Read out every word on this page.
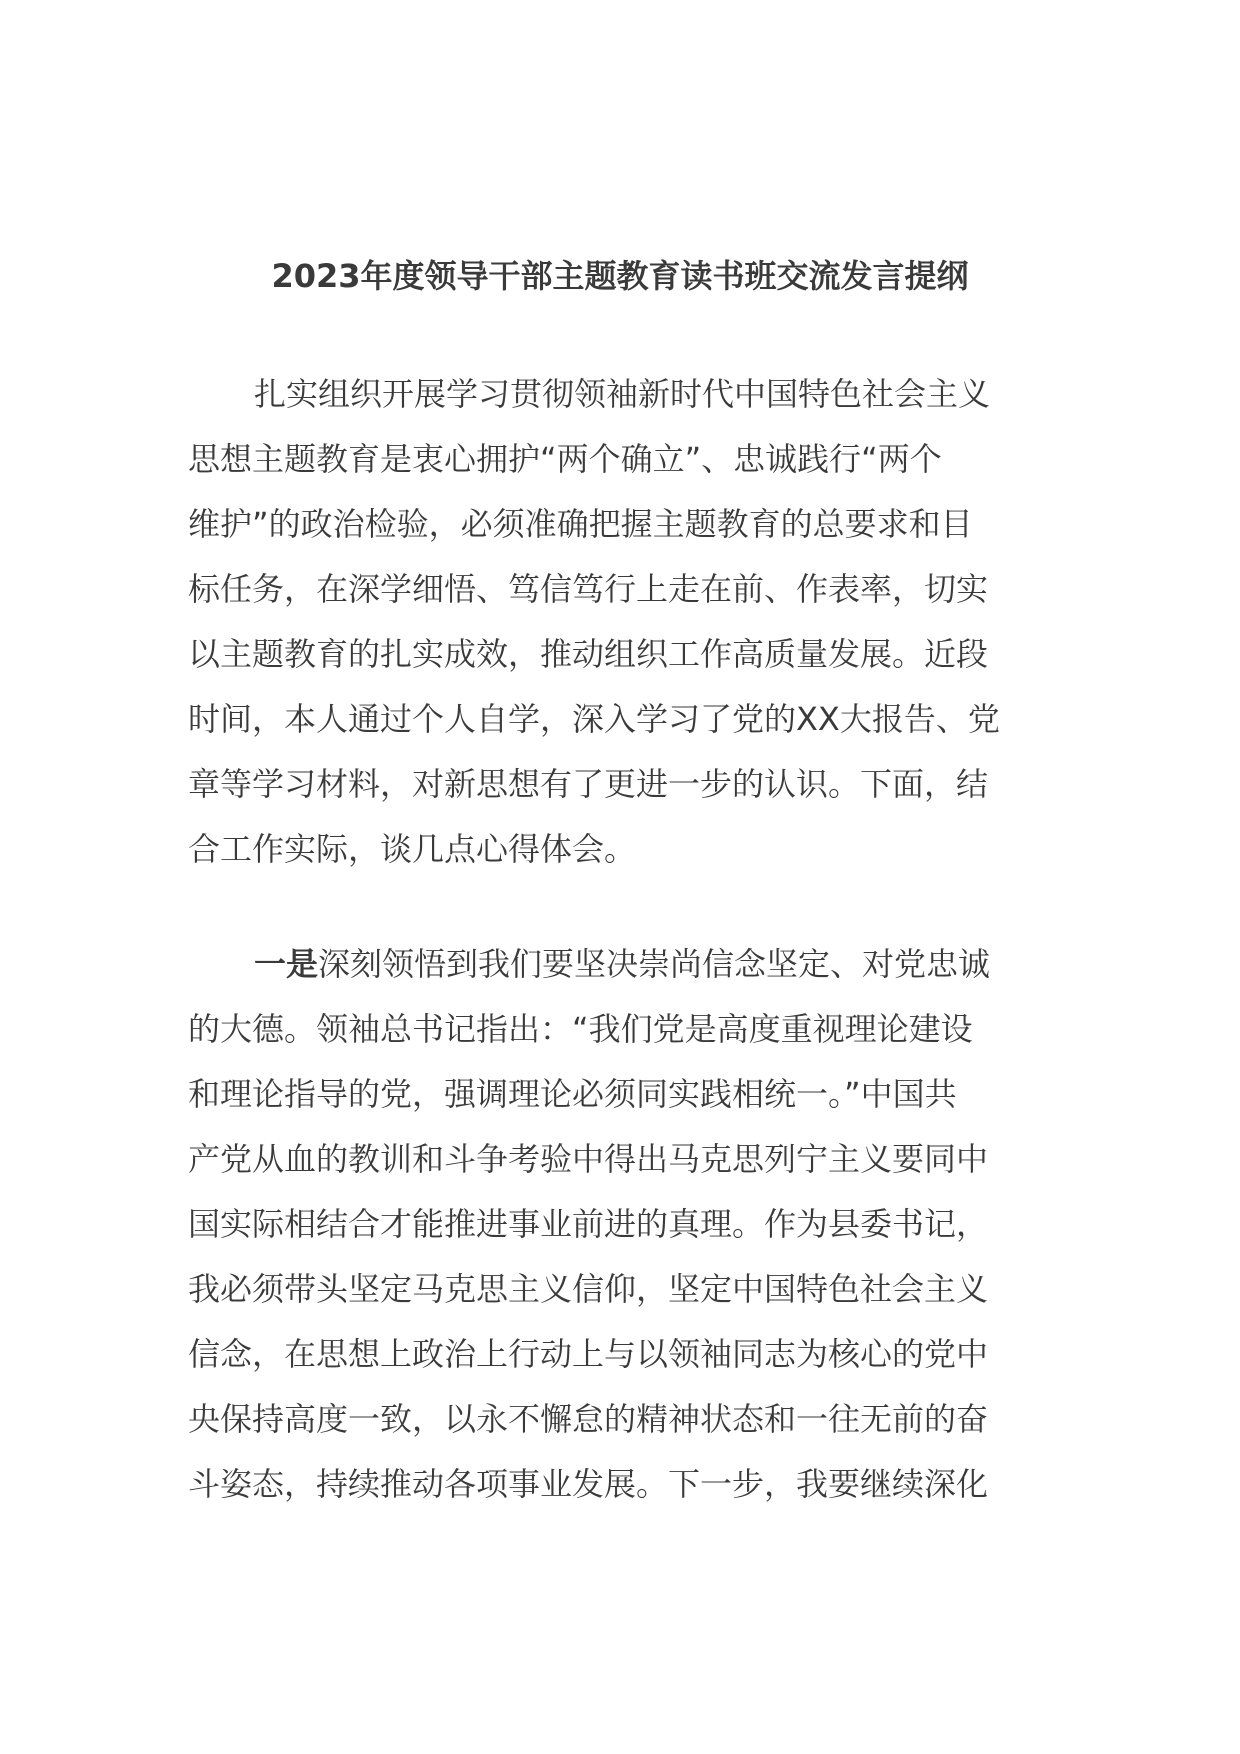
2023年度领导干部主题教育读书班交流发言提纲
扎实组织开展学习贯彻领袖新时代中国特色社会主义
思想主题教育是衷心拥护“两个确立”、忠诚践行“两个
维护”的政治检验，必须准确把握主题教育的总要求和目
标任务，在深学细悟、笃信笃行上走在前、作表率，切实
以主题教育的扎实成效，推动组织工作高质量发展。近段
时间，本人通过个人自学，深入学习了党的XX大报告、党
章等学习材料，对新思想有了更进一步的认识。下面，结
合工作实际，谈几点心得体会。
一是深刻领悟到我们要坚决崇尚信念坚定、对党忠诚
的大德。领袖总书记指出：“我们党是高度重视理论建设
和理论指导的党，强调理论必须同实践相统一。”中国共
产党从血的教训和斗争考验中得出马克思列宁主义要同中
国实际相结合才能推进事业前进的真理。作为县委书记，
我必须带头坚定马克思主义信仰，坚定中国特色社会主义
信念，在思想上政治上行动上与以领袖同志为核心的党中
央保持高度一致，以永不懈怠的精神状态和一往无前的奋
斗姿态，持续推动各项事业发展。下一步，我要继续深化
